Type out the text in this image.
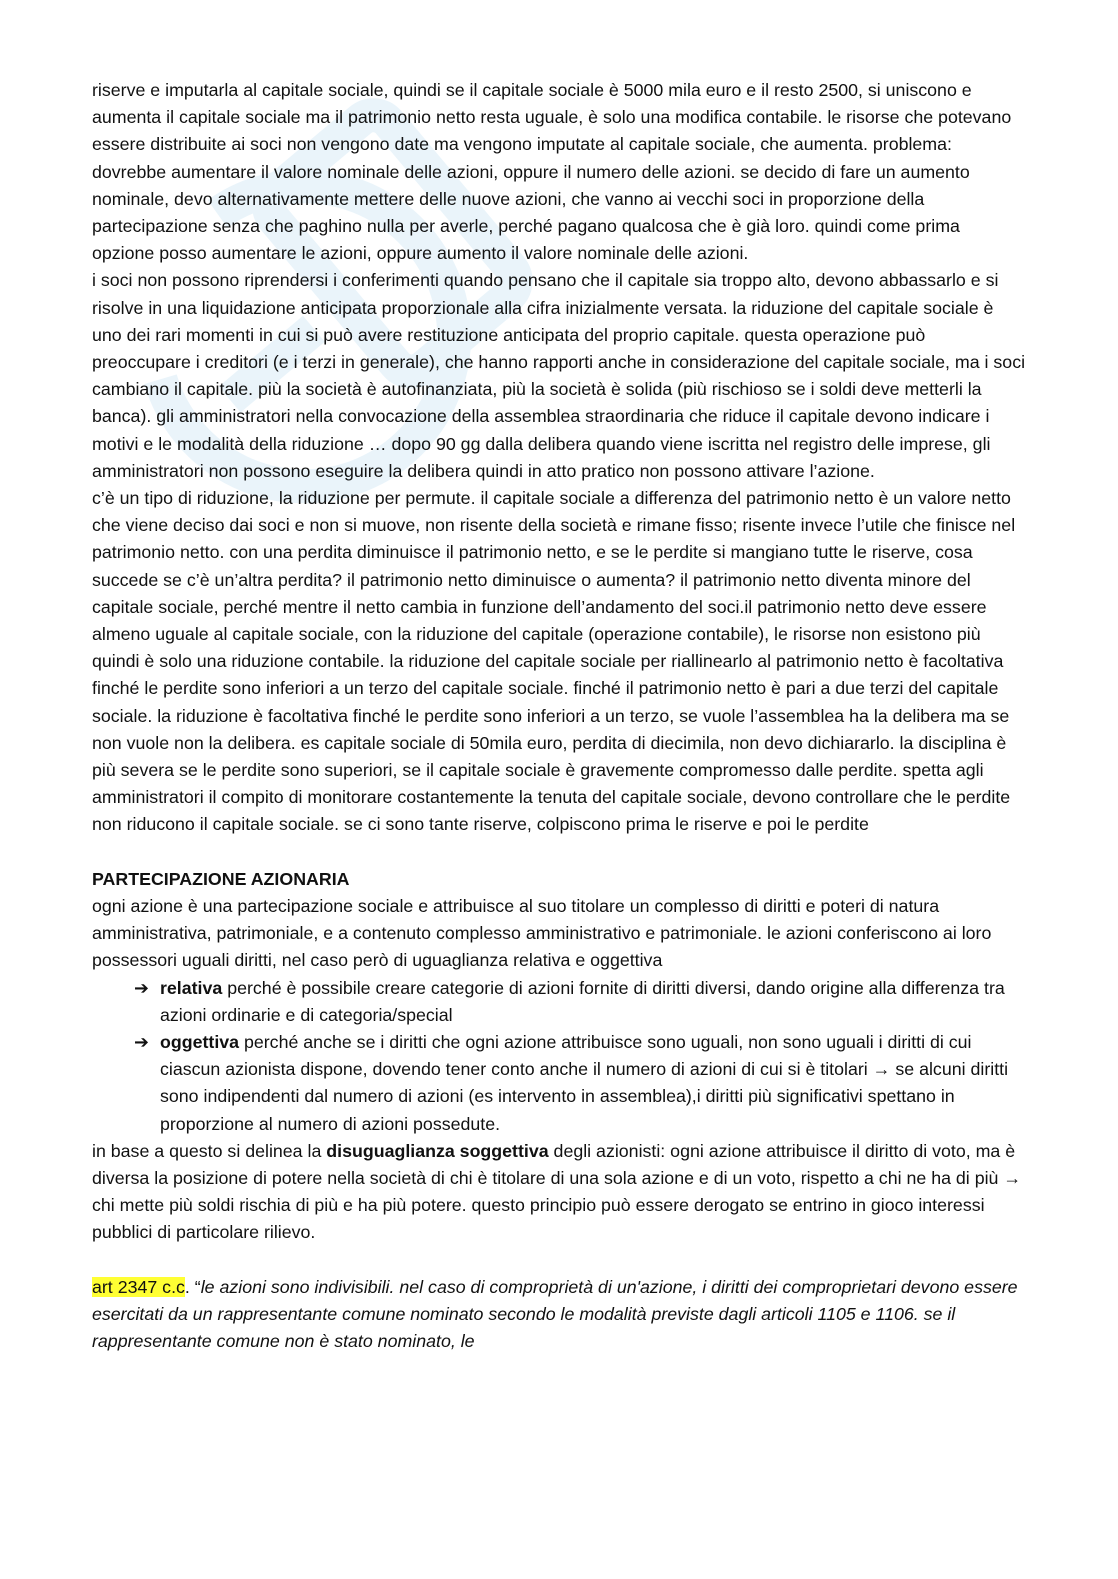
riserve e imputarla al capitale sociale, quindi se il capitale sociale è 5000 mila euro e il resto 2500, si uniscono e aumenta il capitale sociale ma il patrimonio netto resta uguale, è solo una modifica contabile. le risorse che potevano essere distribuite ai soci non vengono date ma vengono imputate al capitale sociale, che aumenta. problema: dovrebbe aumentare il valore nominale delle azioni, oppure il numero delle azioni. se decido di fare un aumento nominale, devo alternativamente mettere delle nuove azioni, che vanno ai vecchi soci in proporzione della partecipazione senza che paghino nulla per averle, perché pagano qualcosa che è già loro. quindi come prima opzione posso aumentare le azioni, oppure aumento il valore nominale delle azioni.

i soci non possono riprendersi i conferimenti quando pensano che il capitale sia troppo alto, devono abbassarlo e si risolve in una liquidazione anticipata proporzionale alla cifra inizialmente versata. la riduzione del capitale sociale è uno dei rari momenti in cui si può avere restituzione anticipata del proprio capitale. questa operazione può preoccupare i creditori (e i terzi in generale), che hanno rapporti anche in considerazione del capitale sociale, ma i soci cambiano il capitale. più la società è autofinanziata, più la società è solida (più rischioso se i soldi deve metterli la banca). gli amministratori nella convocazione della assemblea straordinaria che riduce il capitale devono indicare i motivi e le modalità della riduzione … dopo 90 gg dalla delibera quando viene iscritta nel registro delle imprese, gli amministratori non possono eseguire la delibera quindi in atto pratico non possono attivare l’azione.

c’è un tipo di riduzione, la riduzione per permute. il capitale sociale a differenza del patrimonio netto è un valore netto che viene deciso dai soci e non si muove, non risente della società e rimane fisso; risente invece l’utile che finisce nel patrimonio netto. con una perdita diminuisce il patrimonio netto, e se le perdite si mangiano tutte le riserve, cosa succede se c’è un’altra perdita? il patrimonio netto diminuisce o aumenta? il patrimonio netto diventa minore del capitale sociale, perché mentre il netto cambia in funzione dell’andamento del soci.il patrimonio netto deve essere almeno uguale al capitale sociale, con la riduzione del capitale (operazione contabile), le risorse non esistono più quindi è solo una riduzione contabile. la riduzione del capitale sociale per riallinearlo al patrimonio netto è facoltativa finché le perdite sono inferiori a un terzo del capitale sociale. finché il patrimonio netto è pari a due terzi del capitale sociale. la riduzione è facoltativa finché le perdite sono inferiori a un terzo, se vuole l’assemblea ha la delibera ma se non vuole non la delibera. es capitale sociale di 50mila euro, perdita di diecimila, non devo dichiararlo. la disciplina è più severa se le perdite sono superiori, se il capitale sociale è gravemente compromesso dalle perdite. spetta agli amministratori il compito di monitorare costantemente la tenuta del capitale sociale, devono controllare che le perdite non riducono il capitale sociale. se ci sono tante riserve, colpiscono prima le riserve e poi le perdite

PARTECIPAZIONE AZIONARIA

ogni azione è una partecipazione sociale e attribuisce al suo titolare un complesso di diritti e poteri di natura amministrativa, patrimoniale, e a contenuto complesso amministrativo e patrimoniale. le azioni conferiscono ai loro possessori uguali diritti, nel caso però di uguaglianza relativa e oggettiva

➔ relativa perché è possibile creare categorie di azioni fornite di diritti diversi, dando origine alla differenza tra azioni ordinarie e di categoria/special
➔ oggettiva perché anche se i diritti che ogni azione attribuisce sono uguali, non sono uguali i diritti di cui ciascun azionista dispone, dovendo tener conto anche il numero di azioni di cui si è titolari → se alcuni diritti sono indipendenti dal numero di azioni (es intervento in assemblea),i diritti più significativi spettano in proporzione al numero di azioni possedute.

in base a questo si delinea la disuguaglianza soggettiva degli azionisti: ogni azione attribuisce il diritto di voto, ma è diversa la posizione di potere nella società di chi è titolare di una sola azione e di un voto, rispetto a chi ne ha di più → chi mette più soldi rischia di più e ha più potere. questo principio può essere derogato se entrino in gioco interessi pubblici di particolare rilievo.

art 2347 c.c. “le azioni sono indivisibili. nel caso di comproprietà di un'azione, i diritti dei comproprietari devono essere esercitati da un rappresentante comune nominato secondo le modalità previste dagli articoli 1105 e 1106. se il rappresentante comune non è stato nominato, le
